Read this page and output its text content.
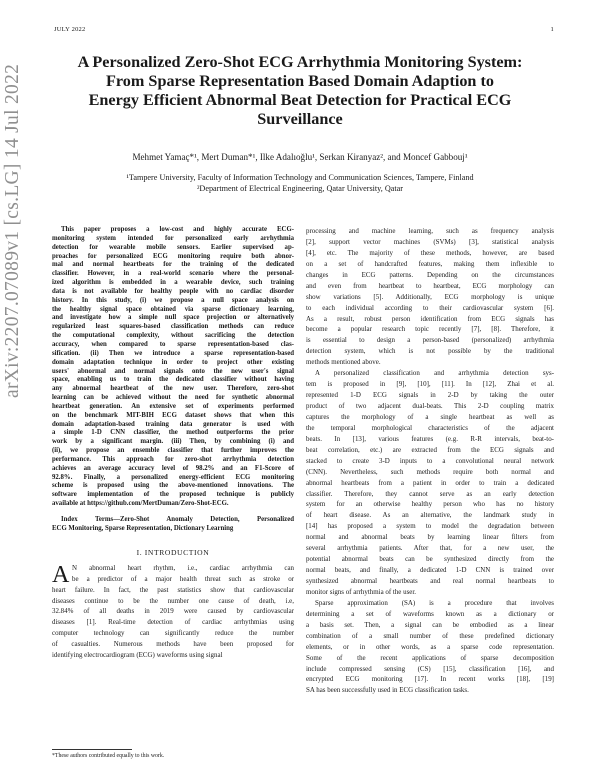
JULY 2022	1
A Personalized Zero-Shot ECG Arrhythmia Monitoring System:
From Sparse Representation Based Domain Adaption to
Energy Efficient Abnormal Beat Detection for Practical ECG
Surveillance
Mehmet Yamaç*¹, Mert Duman*¹, Ilke Adalıoğlu¹, Serkan Kiranyaz², and Moncef Gabbouj¹
¹Tampere University, Faculty of Information Technology and Communication Sciences, Tampere, Finland
²Department of Electrical Engineering, Qatar University, Qatar
arXiv:2207.07089v1 [cs.LG] 14 Jul 2022	This paper proposes a low-cost and highly accurate ECG-
monitoring system intended for personalized early arrhythmia
detection for wearable mobile sensors. Earlier supervised ap-
proaches for personalized ECG monitoring require both abnor-
mal and normal heartbeats for the training of the dedicated
classifier. However, in a real-world scenario where the personal-
ized algorithm is embedded in a wearable device, such training
data is not available for healthy people with no cardiac disorder
history. In this study, (i) we propose a null space analysis on
the healthy signal space obtained via sparse dictionary learning,
and investigate how a simple null space projection or alternatively
regularized least squares-based classification methods can reduce
the computational complexity, without sacrificing the detection
accuracy, when compared to sparse representation-based clas-
sification. (ii) Then we introduce a sparse representation-based
domain adaptation technique in order to project other existing
users' abnormal and normal signals onto the new user's signal
space, enabling us to train the dedicated classifier without having
any abnormal heartbeat of the new user. Therefore, zero-shot
learning can be achieved without the need for synthetic abnormal
heartbeat generation. An extensive set of experiments performed
on the benchmark MIT-BIH ECG dataset shows that when this
domain adaptation-based training data generator is used with
a simple 1-D CNN classifier, the method outperforms the prior
work by a significant margin. (iii) Then, by combining (i) and
(ii), we propose an ensemble classifier that further improves the
performance. This approach for zero-shot arrhythmia detection
achieves an average accuracy level of 98.2% and an F1-Score of
92.8%. Finally, a personalized energy-efficient ECG monitoring
scheme is proposed using the above-mentioned innovations. The
software implementation of the proposed technique is publicly
available at https://github.com/MertDuman/Zero-Shot-ECG.
Index Terms—Zero-Shot Anomaly Detection, Personalized
ECG Monitoring, Sparse Representation, Dictionary Learning
I. INTRODUCTION
A N abnormal heart rhythm, i.e., cardiac arrhythmia can
be a predictor of a major health threat such as stroke or
heart failure. In fact, the past statistics show that cardiovascular
diseases continue to be the number one cause of death, i.e,
32.84% of all deaths in 2019 were caused by cardiovascular
diseases [1]. Real-time detection of cardiac arrhythmias using
computer technology can significantly reduce the number
of casualties. Numerous methods have been proposed for
identifying electrocardiogram (ECG) waveforms using signal
processing and machine learning, such as frequency analysis
[2], support vector machines (SVMs) [3], statistical analysis
[4], etc. The majority of these methods, however, are based
on a set of handcrafted features, making them inflexible to
changes in ECG patterns. Depending on the circumstances
and even from heartbeat to heartbeat, ECG morphology can
show variations [5]. Additionally, ECG morphology is unique
to each individual according to their cardiovascular system [6].
As a result, robust person identification from ECG signals has
become a popular research topic recently [7], [8]. Therefore, it
is essential to design a person-based (personalized) arrhythmia
detection system, which is not possible by the traditional
methods mentioned above.
A personalized classification and arrhythmia detection sys-
tem is proposed in [9], [10], [11]. In [12], Zhai et al.
represented 1-D ECG signals in 2-D by taking the outer
product of two adjacent dual-beats. This 2-D coupling matrix
captures the morphology of a single heartbeat as well as
the temporal morphological characteristics of the adjacent
beats. In [13], various features (e.g. R-R intervals, beat-to-
beat correlation, etc.) are extracted from the ECG signals and
stacked to create 3-D inputs to a convolutional neural network
(CNN). Nevertheless, such methods require both normal and
abnormal heartbeats from a patient in order to train a dedicated
classifier. Therefore, they cannot serve as an early detection
system for an otherwise healthy person who has no history
of heart disease. As an alternative, the landmark study in
[14] has proposed a system to model the degradation between
normal and abnormal beats by learning linear filters from
several arrhythmia patients. After that, for a new user, the
potential abnormal beats can be synthesized directly from the
normal beats, and finally, a dedicated 1-D CNN is trained over
synthesized abnormal heartbeats and real normal heartbeats to
monitor signs of arrhythmia of the user.
Sparse approximation (SA) is a procedure that involves
determining a set of waveforms known as a dictionary or
a basis set. Then, a signal can be embodied as a linear
combination of a small number of these predefined dictionary
elements, or in other words, as a sparse code representation.
Some of the recent applications of sparse decomposition
include compressed sensing (CS) [15], classification [16], and
encrypted ECG monitoring [17]. In recent works [18], [19]
SA has been successfully used in ECG classification tasks.
*These authors contributed equally to this work.
